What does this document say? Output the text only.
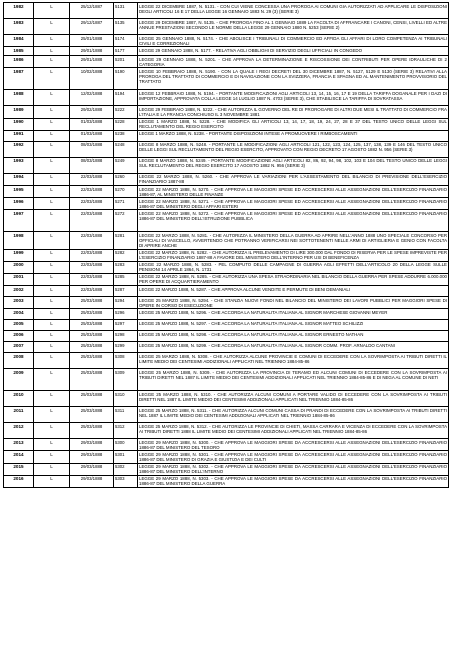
1982	L	25/12/1887	5131	LEGGE 22 DICEMBRE 1887, N. 5131. - CON CUI VIENE CONCESSA UNA PROROGA AI COMUNI GIA AUTORIZZATI AD APPLICARE LE DISPOSIZIONI DEGLI ARTICOLI 16 E 17 DELLA LEGGE 16 GENNAIO 1883 N. 29 (3) (SERIE 3)
1983	L	29/12/1887	5135	LEGGE 29 DICEMBRE 1887, N. 5135. - CHE PROROGA FINO AL 1 GENNAIO 1889 LA FACOLTA DI AFFRANCARE I CANONI, CENSI, LIVELLI ED ALTRE ANNUE PRESTAZIONI SECONDO LE NORME DELLA LEGGE 29 GENNAIO 1880 N. 5253 (SERIE 2)
1984	L	25/01/1888	5174	LEGGE 25 GENNAIO 1888, N. 5174. - CHE ABOLISCE I TRIBUNALI DI COMMERCIO ED AFFIDA GLI AFFARI DI LORO COMPETENZA AI TRIBUNALI CIVILI E CORREZIONALI
1985	L	29/01/1888	5177	LEGGE 29 GENNAIO 1888, N. 5177. - RELATIVA AGLI OBBLIGHI DI SERVIZIO DEGLI UFFICIALI IN CONGEDO
1986	L	29/01/1888	5201	LEGGE 29 GENNAIO 1888, N. 5201. - CHE APPROVA LA DETERMINAZIONE E RISCOSSIONE DEI CONTRIBUTI PER OPERE IDRAULICHE DI 2 CATEGORIA
1987	L	10/02/1888	5190	LEGGE 10 FEBBRAIO 1888, N. 5190. - CON LA QUALE I REGI DECRETI DEL 30 DICEMBRE 1887, N. 5127, 5129 E 5130 (SERIE 3) RELATIVI ALLA PROROGA DEL TRATTATO DI COMMERCIO E DI NAVIGAZIONE CON LA SVIZZERA, FRANCIA E SPAGNA ED AL MANTENIMENTO PROVVISORIO DEL TRATTATO
1988	L	12/02/1888	5194	LEGGE 12 FEBBRAIO 1888, N. 5194. - PORTANTE MODIFICAZIONI AGLI ARTICOLI 13, 14, 15, 16, 17 E 19 DELLA TARIFFA DOGANALE PER I DAZI DI IMPORTAZIONE, APPROVATA COLLA LEGGE 14 LUGLIO 1887 N. 4703 (SERIE 3), CHE STABILISCE LA TARIFFA DI SOVRATASSA
1989	L	29/02/1888	5222	LEGGE 29 FEBBRAIO 1888, N. 5222. - CHE AUTORIZZA IL GOVERNO DEL RE DI PROROGARE DI ALTRI DUE MESI IL TRATTATO DI COMMERCIO FRA L'ITALIA E LA FRANCIA CONCHIUSO IL 3 NOVEMBRE 1881
1990	L	01/03/1888	5228	LEGGE 1 MARZO 1888, N. 5228. - CHE MODIFICA GLI ARTICOLI 13, 14, 17, 18, 19, 24, 27, 28 E 37 DEL TESTO UNICO DELLE LEGGI SUL RECLUTAMENTO DEL REGIO ESERCITO
1991	L	01/03/1888	5238	LEGGE 1 MARZO 1888, N. 5238. - PORTANTE DISPOSIZIONI INTESE A PROMUOVERE I RIMBOSCAMENTI
1992	L	08/03/1888	5248	LEGGE 8 MARZO 1888, N. 5248. - PORTANTE LE MODIFICAZIONI AGLI ARTICOLI 121, 122, 123, 124, 125, 137, 138, 139 E 146 DEL TESTO UNICO DELLE LEGGI SUL RECLUTAMENTO DEL REGIO ESERCITO, APPROVATO CON REGIO DECRETO 17 AGOSTO 1882 N. 956 (SERIE 3)
1993	L	08/03/1888	5249	LEGGE 8 MARZO 1888, N. 5249. - PORTANTE MODIFICAZIONE AGLI ARTICOLI 82, 86, 92, 94, 98, 102, 103 E 104 DEL TESTO UNICO DELLE LEGGI SUL RECLUTAMENTO DEL REGIO ESERCITO 17 AGOSTO 1882 N. 956 (SERIE 3)
1994	L	22/03/1888	5260	LEGGE 22 MARZO 1888, N. 5260. - CHE APPROVA LE VARIAZIONI PER L'ASSESTAMENTO DEL BILANCIO DI PREVISIONE DELL'ESERCIZIO FINANZIARIO 1887-88
1995	L	22/03/1888	5270	LEGGE 22 MARZO 1888, N. 5270. - CHE APPROVA LE MAGGIORI SPESE ED ACCRESCERSI ALLE ASSEGNAZIONI DELL'ESERCIZIO FINANZIARIO 1886-87, AL MINISTERO DELLE FINANZE
1996	L	22/03/1888	5271	LEGGE 22 MARZO 1888, N. 5271. - CHE APPROVA LE MAGGIORI SPESE ED ACCRESCERSI ALLE ASSEGNAZIONI DELL'ESERCIZIO FINANZIARIO 1886-87 DEL MINISTERO DEGLI AFFARI ESTERI
1997	L	22/03/1888	5272	LEGGE 22 MARZO 1888, N. 5272. - CHE APPROVA LE MAGGIORI SPESE ED ACCRESCERSI ALLE ASSEGNAZIONI DELL'ESERCIZIO FINANZIARIO 1886-87 DEL MINISTERO DELL'ISTRUZIONE PUBBLICA
1998	L	22/03/1888	5281	LEGGE 22 MARZO 1888, N. 5281. - CHE AUTORIZZA IL MINISTERO DELLA GUERRA AD APRIRE NELL'ANNO 1888 UNO SPECIALE CONCORSO PER OFFICIALI DI VASCELLO, AVVERTENDO CHE POTRANNO VERIFICARSI NEI SOTTOTENENTI NELLE ARMI DI ARTIGLIERIA E GENIO CON FACOLTA DI APRIRE ANCHE
1999	L	22/03/1888	5282	LEGGE 22 MARZO 1888, N. 5282. - CHE AUTORIZZA IL PRELEVAMENTO DI LIRE 300.000 DAL FONDO DI RISERVA PER LE SPESE IMPREVISTE PER L'ESERCIZIO FINANZIARIO 1887-88 A FAVORE DEL MINISTERO DELL'INTERNO PER USI DI BENEFICENZA
2000	L	22/03/1888	5283	LEGGE 22 MARZO 1888, N. 5283. - PEL COMPUTO DELLE CAMPAGNE DI GUERRA AGLI EFFETTI DELL'ARTICOLO 20 DELLA LEGGE SULLE PENSIONI 14 APRILE 1864, N. 1731
2001	L	22/03/1888	5285	LEGGE 22 MARZO 1888, N. 5285. - CHE AUTORIZZA UNA SPESA STRAORDINARIA NEL BILANCIO DELLA GUERRA PER SPESE ADDURRE 6.000.000 PER OPERE DI ACQUARTIERAMENTO
2002	L	22/03/1888	5287	LEGGE 22 MARZO 1888, N. 5287. - CHE APPROVA ALCUNE VENDITE E PERMUTE DI BENI DEMANIALI
2003	L	25/03/1888	5294	LEGGE 25 MARZO 1888, N. 5294. - CHE STANZIA NUOVI FONDI NEL BILANCIO DEL MINISTERO DEI LAVORI PUBBLICI PER MAGGIORI SPESE DI OPERE IN CORSO DI ESECUZIONE
2004	L	25/03/1888	5296	LEGGE 25 MARZO 1888, N. 5296. - CHE ACCORDA LA NATURALITA ITALIANA AL SIGNOR MARCHESE GIOVANNI MEYER
2005	L	25/03/1888	5297	LEGGE 25 MARZO 1888, N. 5297. - CHE ACCORDA LA NATURALITA ITALIANA AL SIGNOR MATTEO SCHILIZZI
2006	L	25/03/1888	5298	LEGGE 25 MARZO 1888, N. 5298. - CHE ACCORDA LA NATURALITA ITALIANA AL SIGNOR ERNESTO NATHAN
2007	L	25/03/1888	5299	LEGGE 25 MARZO 1888, N. 5299. - CHE ACCORDA LA NATURALITA ITALIANA AL SIGNOR COMM. PROF. ARNALDO CANTANI
2008	L	25/03/1888	5308	LEGGE 25 MARZO 1888, N. 5308. - CHE AUTORIZZA ALCUNE PROVINCIE E COMUNI DI ECCEDERE CON LA SOVRIMPOSTA AI TRIBUTI DIRETTI IL LIMITE MEDIO DEI CENTESIMI ADDIZIONALI APPLICATI NEL TRIENNIO 1884-85-86
2009	L	25/03/1888	5309	LEGGE 25 MARZO 1888, N. 5309. - CHE AUTORIZZA LA PROVINCIA DI TERAMO ED ALCUNI COMUNI DI ECCEDERE CON LA SOVRIMPOSTA AI TRIBUTI DIRETTI NEL 1887 IL LIMITE MEDIO DEI CENTESIMI ADDIZIONALI APPLICATI NEL TRIENNIO 1884-85-86 E DI NEGA AL COMUNE DI NETI
2010	L	25/03/1888	5310	LEGGE 25 MARZO 1888, N. 5310. - CHE AUTORIZZA ALCUNI COMUNI A PORTARE VALIDO DI ECCEDERE CON LA SOVRIMPOSTA AI TRIBUTI DIRETTI NEL 1887 IL LIMITE MEDIO DEI CENTESIMI ADDIZIONALI APPLICATI NEL TRIENNIO 1884-85-86
2011	L	25/03/1888	5311	LEGGE 25 MARZO 1888, N. 5311. - CHE AUTORIZZA ALCUNI COMUNI CASSA DI PRANDI DI ECCEDERE CON LA SOVRIMPOSTA AI TRIBUTI DIRETTI NEL 1887 IL LIMITE MEDIO DEI CENTESIMI ADDIZIONALI APPLICATI NEL TRIENNIO 1884-85-86
2012	L	25/03/1888	5312	LEGGE 25 MARZO 1888, N. 5312. - CHE AUTORIZZA LE PROVINCIE DI CHIETI, MASSA CARRARA E VICENZA DI ECCEDERE CON LA SOVRIMPOSTA AI TRIBUTI DIRETTI 1888 IL LIMITE MEDIO DEI CENTESIMI ADDIZIONALI APPLICATI NEL TRIENNIO 1884-85-86
2013	L	29/03/1888	5300	LEGGE 29 MARZO 1888, N. 5300. - CHE APPROVA LE MAGGIORI SPESE DA ACCRESCERSI ALLE ASSEGNAZIONI DELL'ESERCIZIO FINANZIARIO 1886-87 DEL MINISTERO DEL TESORO
2014	L	29/03/1888	5301	LEGGE 29 MARZO 1888, N. 5301. - CHE APPROVA LE MAGGIORI SPESE DA ACCRESCERSI ALLE ASSEGNAZIONI DELL'ESERCIZIO FINANZIARIO 1886-87 DEL MINISTERO DI GRAZIA E GIUSTIZIA E DEI CULTI
2015	L	29/03/1888	5302	LEGGE 29 MARZO 1888, N. 5302. - CHE APPROVA LE MAGGIORI SPESE DA ACCRESCERSI ALLE ASSEGNAZIONI DELL'ESERCIZIO FINANZIARIO 1886-87 DEL MINISTERO DELL'INTERNO
2016	L	29/03/1888	5303	LEGGE 29 MARZO 1888, N. 5303. - CHE APPROVA LE MAGGIORI SPESE DA ACCRESCERSI ALLE ASSEGNAZIONI DELL'ESERCIZIO FINANZIARIO 1886-87 DEL MINISTERO DELLA GUERRA
